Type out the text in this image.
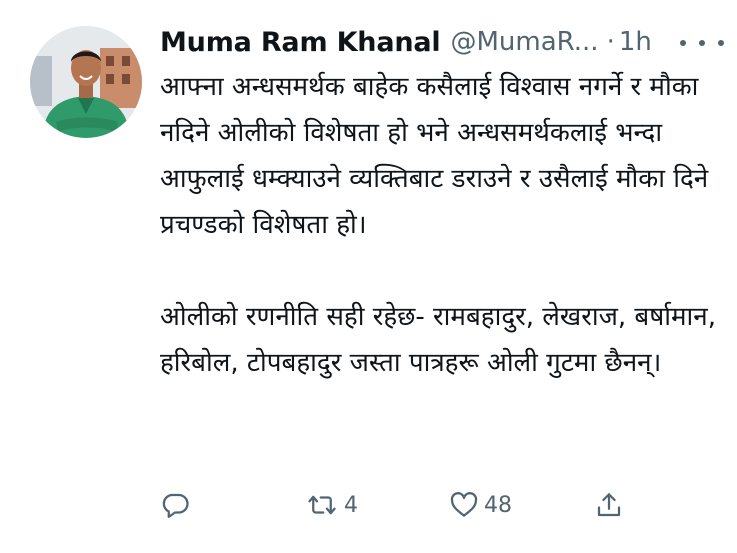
Muma Ram Khanal @MumaR... · 1h

आफ्ना अन्धसमर्थक बाहेक कसैलाई विश्वास नगर्ने र मौका नदिने ओलीको विशेषता हो भने अन्धसमर्थकलाई भन्दा आफुलाई धम्क्याउने व्यक्तिबाट डराउने र उसैलाई मौका दिने प्रचण्डको विशेषता हो।

ओलीको रणनीति सही रहेछ- रामबहादुर, लेखराज, बर्षामान, हरिबोल, टोपबहादुर जस्ता पात्रहरू ओली गुटमा छैनन्।

4	48
